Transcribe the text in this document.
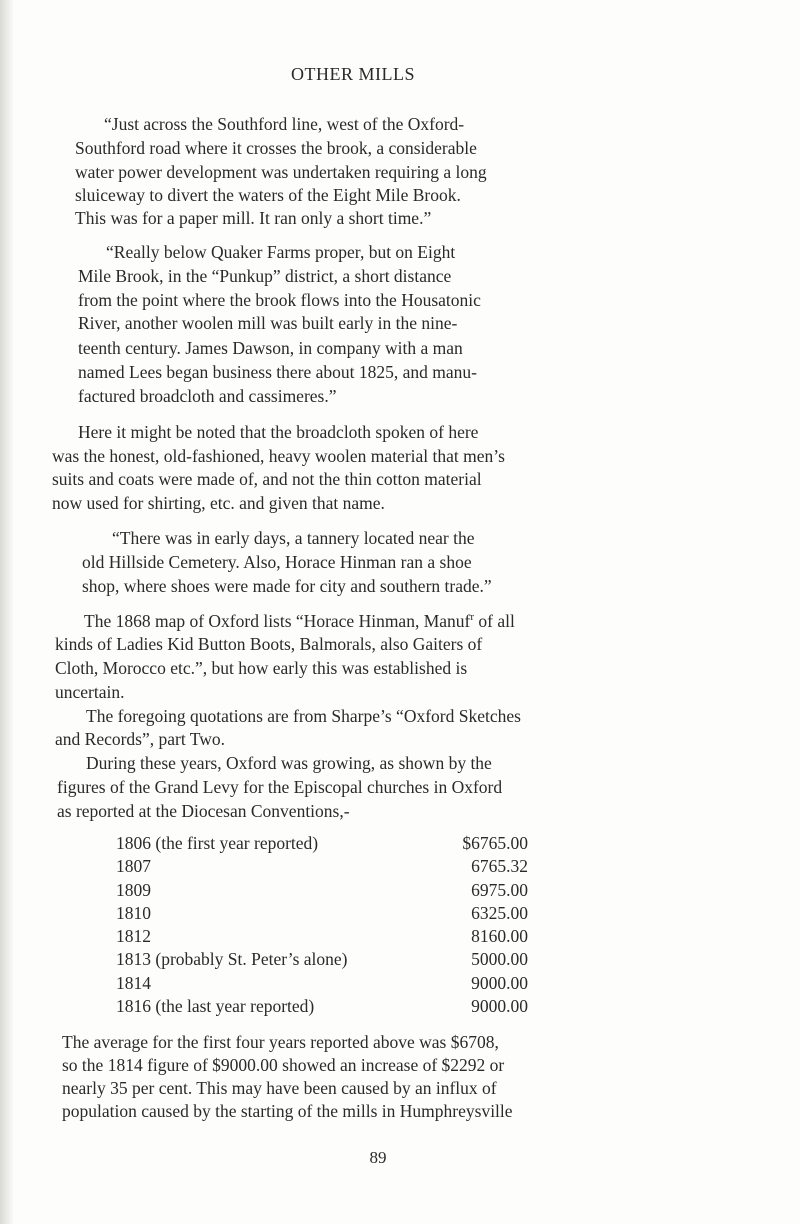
OTHER MILLS
“Just across the Southford line, west of the Oxford-
Southford road where it crosses the brook, a considerable
water power development was undertaken requiring a long
sluiceway to divert the waters of the Eight Mile Brook.
This was for a paper mill. It ran only a short time.”
“Really below Quaker Farms proper, but on Eight
Mile Brook, in the “Punkup” district, a short distance
from the point where the brook flows into the Housatonic
River, another woolen mill was built early in the nine-
teenth century. James Dawson, in company with a man
named Lees began business there about 1825, and manu-
factured broadcloth and cassimeres.”
Here it might be noted that the broadcloth spoken of here
was the honest, old-fashioned, heavy woolen material that men’s
suits and coats were made of, and not the thin cotton material
now used for shirting, etc. and given that name.
“There was in early days, a tannery located near the
old Hillside Cemetery. Also, Horace Hinman ran a shoe
shop, where shoes were made for city and southern trade.”
The 1868 map of Oxford lists “Horace Hinman, Manuf$^r$ of all
kinds of Ladies Kid Button Boots, Balmorals, also Gaiters of
Cloth, Morocco etc.”, but how early this was established is
uncertain.
The foregoing quotations are from Sharpe’s “Oxford Sketches
and Records”, part Two.
During these years, Oxford was growing, as shown by the
figures of the Grand Levy for the Episcopal churches in Oxford
as reported at the Diocesan Conventions,-
1806 (the first year reported)	$6765.00
1807	6765.32
1809	6975.00
1810	6325.00
1812	8160.00
1813 (probably St. Peter’s alone)	5000.00
1814	9000.00
1816 (the last year reported)	9000.00
The average for the first four years reported above was $6708,
so the 1814 figure of $9000.00 showed an increase of $2292 or
nearly 35 per cent. This may have been caused by an influx of
population caused by the starting of the mills in Humphreysville
89
